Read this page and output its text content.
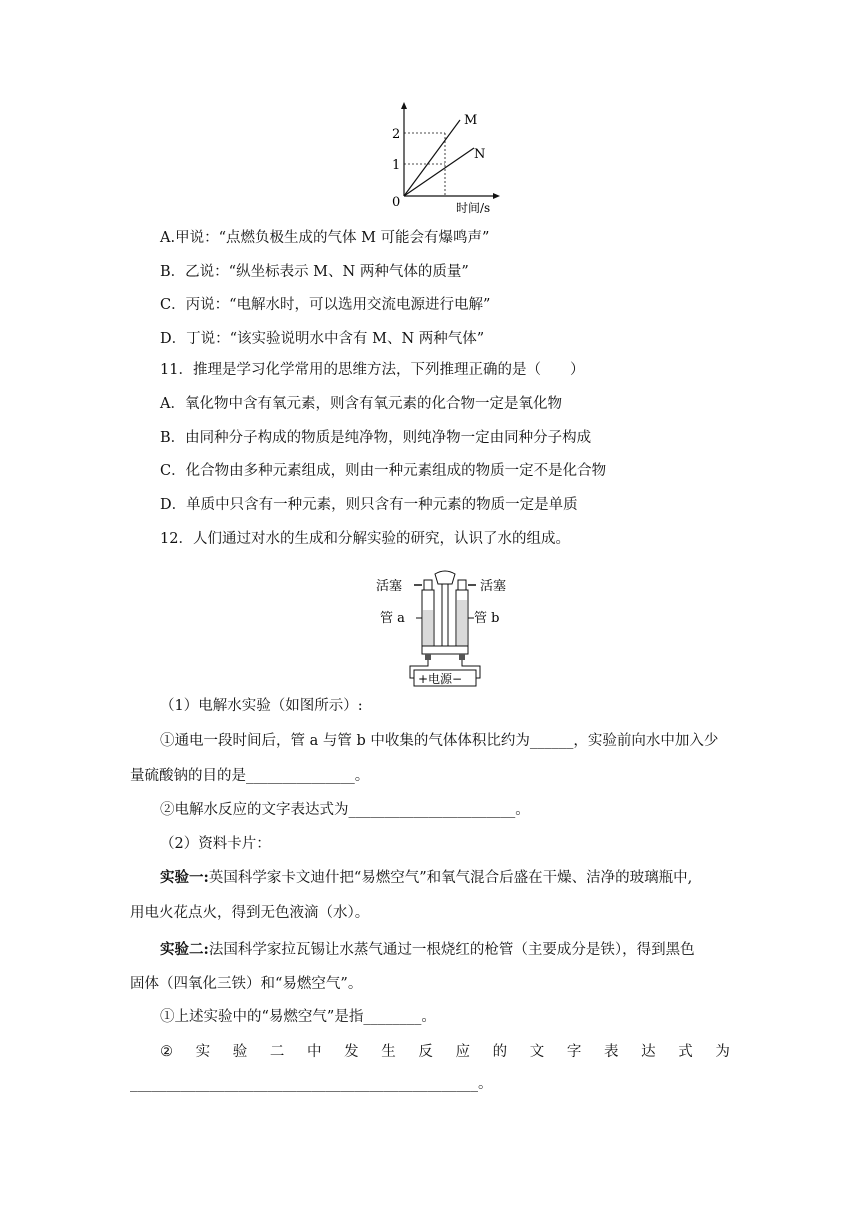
2
1
0	时间/s
M
N
A.甲说：“点燃负极生成的气体 M 可能会有爆鸣声”
B．乙说：“纵坐标表示 M、N 两种气体的质量”
C．丙说：“电解水时，可以选用交流电源进行电解”
D．丁说：“该实验说明水中含有 M、N 两种气体”
11．推理是学习化学常用的思维方法，下列推理正确的是（　　）
A．氧化物中含有氧元素，则含有氧元素的化合物一定是氧化物
B．由同种分子构成的物质是纯净物，则纯净物一定由同种分子构成
C．化合物由多种元素组成，则由一种元素组成的物质一定不是化合物
D．单质中只含有一种元素，则只含有一种元素的物质一定是单质
12．人们通过对水的生成和分解实验的研究，认识了水的组成。
+电源−
活塞	活塞
管 a	管 b
（1）电解水实验（如图所示）:
①通电一段时间后，管 a 与管 b 中收集的气体体积比约为______，实验前向水中加入少
量硫酸钠的目的是_______________。
②电解水反应的文字表达式为_______________________。
（2）资料卡片：
实验一:英国科学家卡文迪什把“易燃空气”和氧气混合后盛在干燥、洁净的玻璃瓶中,
用电火花点火，得到无色液滴（水）。
实验二:法国科学家拉瓦锡让水蒸气通过一根烧红的枪管（主要成分是铁），得到黑色
固体（四氧化三铁）和“易燃空气”。
①上述实验中的“易燃空气”是指________。
② 实 验 二 中 发 生 反 应 的 文 字 表 达 式 为
________________________________________________。
